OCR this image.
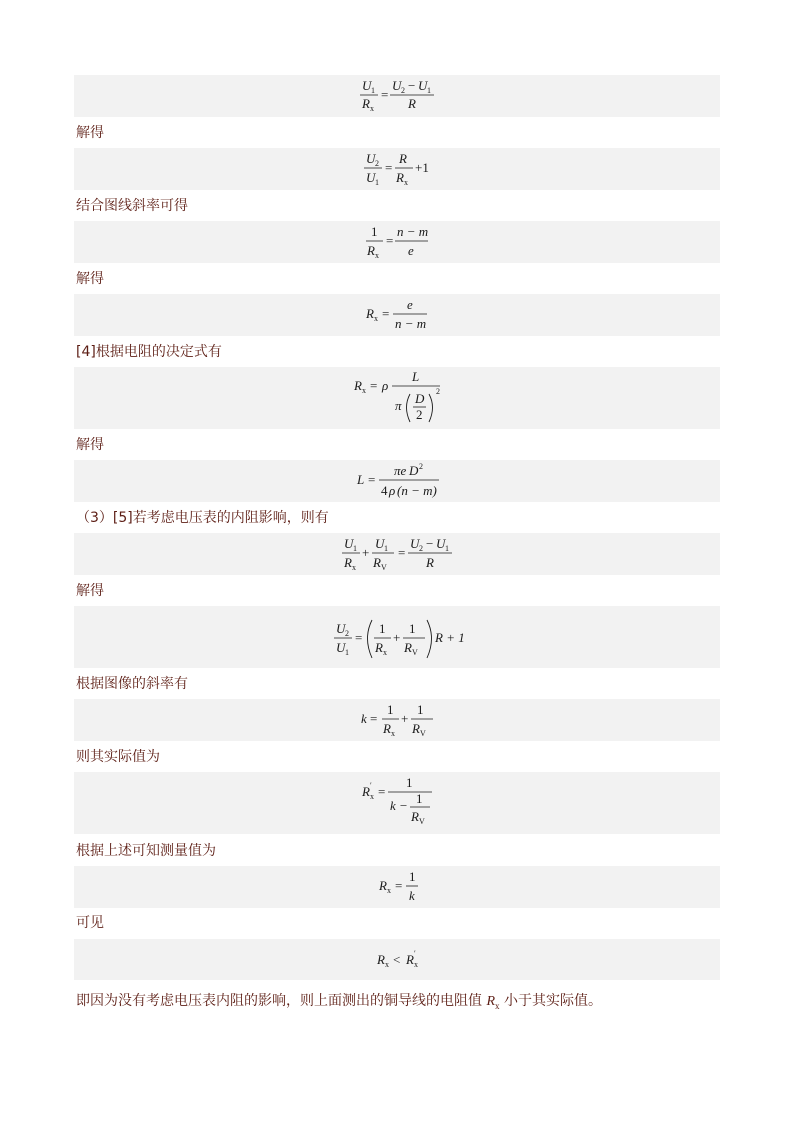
U 1
R x
=
U 2 − U 1
R
解得
U 2
U 1
=
R
R x
+1
结合图线斜率可得
1
R x
=
n − m
e
解得
R x =
e
n − m
[4]根据电阻的决定式有
R x = ρ
L
π D
2
2
解得
L =
πe D 2
4 ρ (n − m)
（3）[5]若考虑电压表的内阻影响，则有
U 1
R x
+
U 1
R V
=
U 2 − U 1
R
解得
U 2
U 1
=
1
R x
+
1
R V
R + 1
根据图像的斜率有
k =
1
R x
+
1
R V
则其实际值为
R ′
x =
1
k − 1
R V
根据上述可知测量值为
R x =
1
k
可见
R x < R ′
x
即因为没有考虑电压表内阻的影响，则上面测出的铜导线的电阻值 $R_x$ 小于其实际值。
